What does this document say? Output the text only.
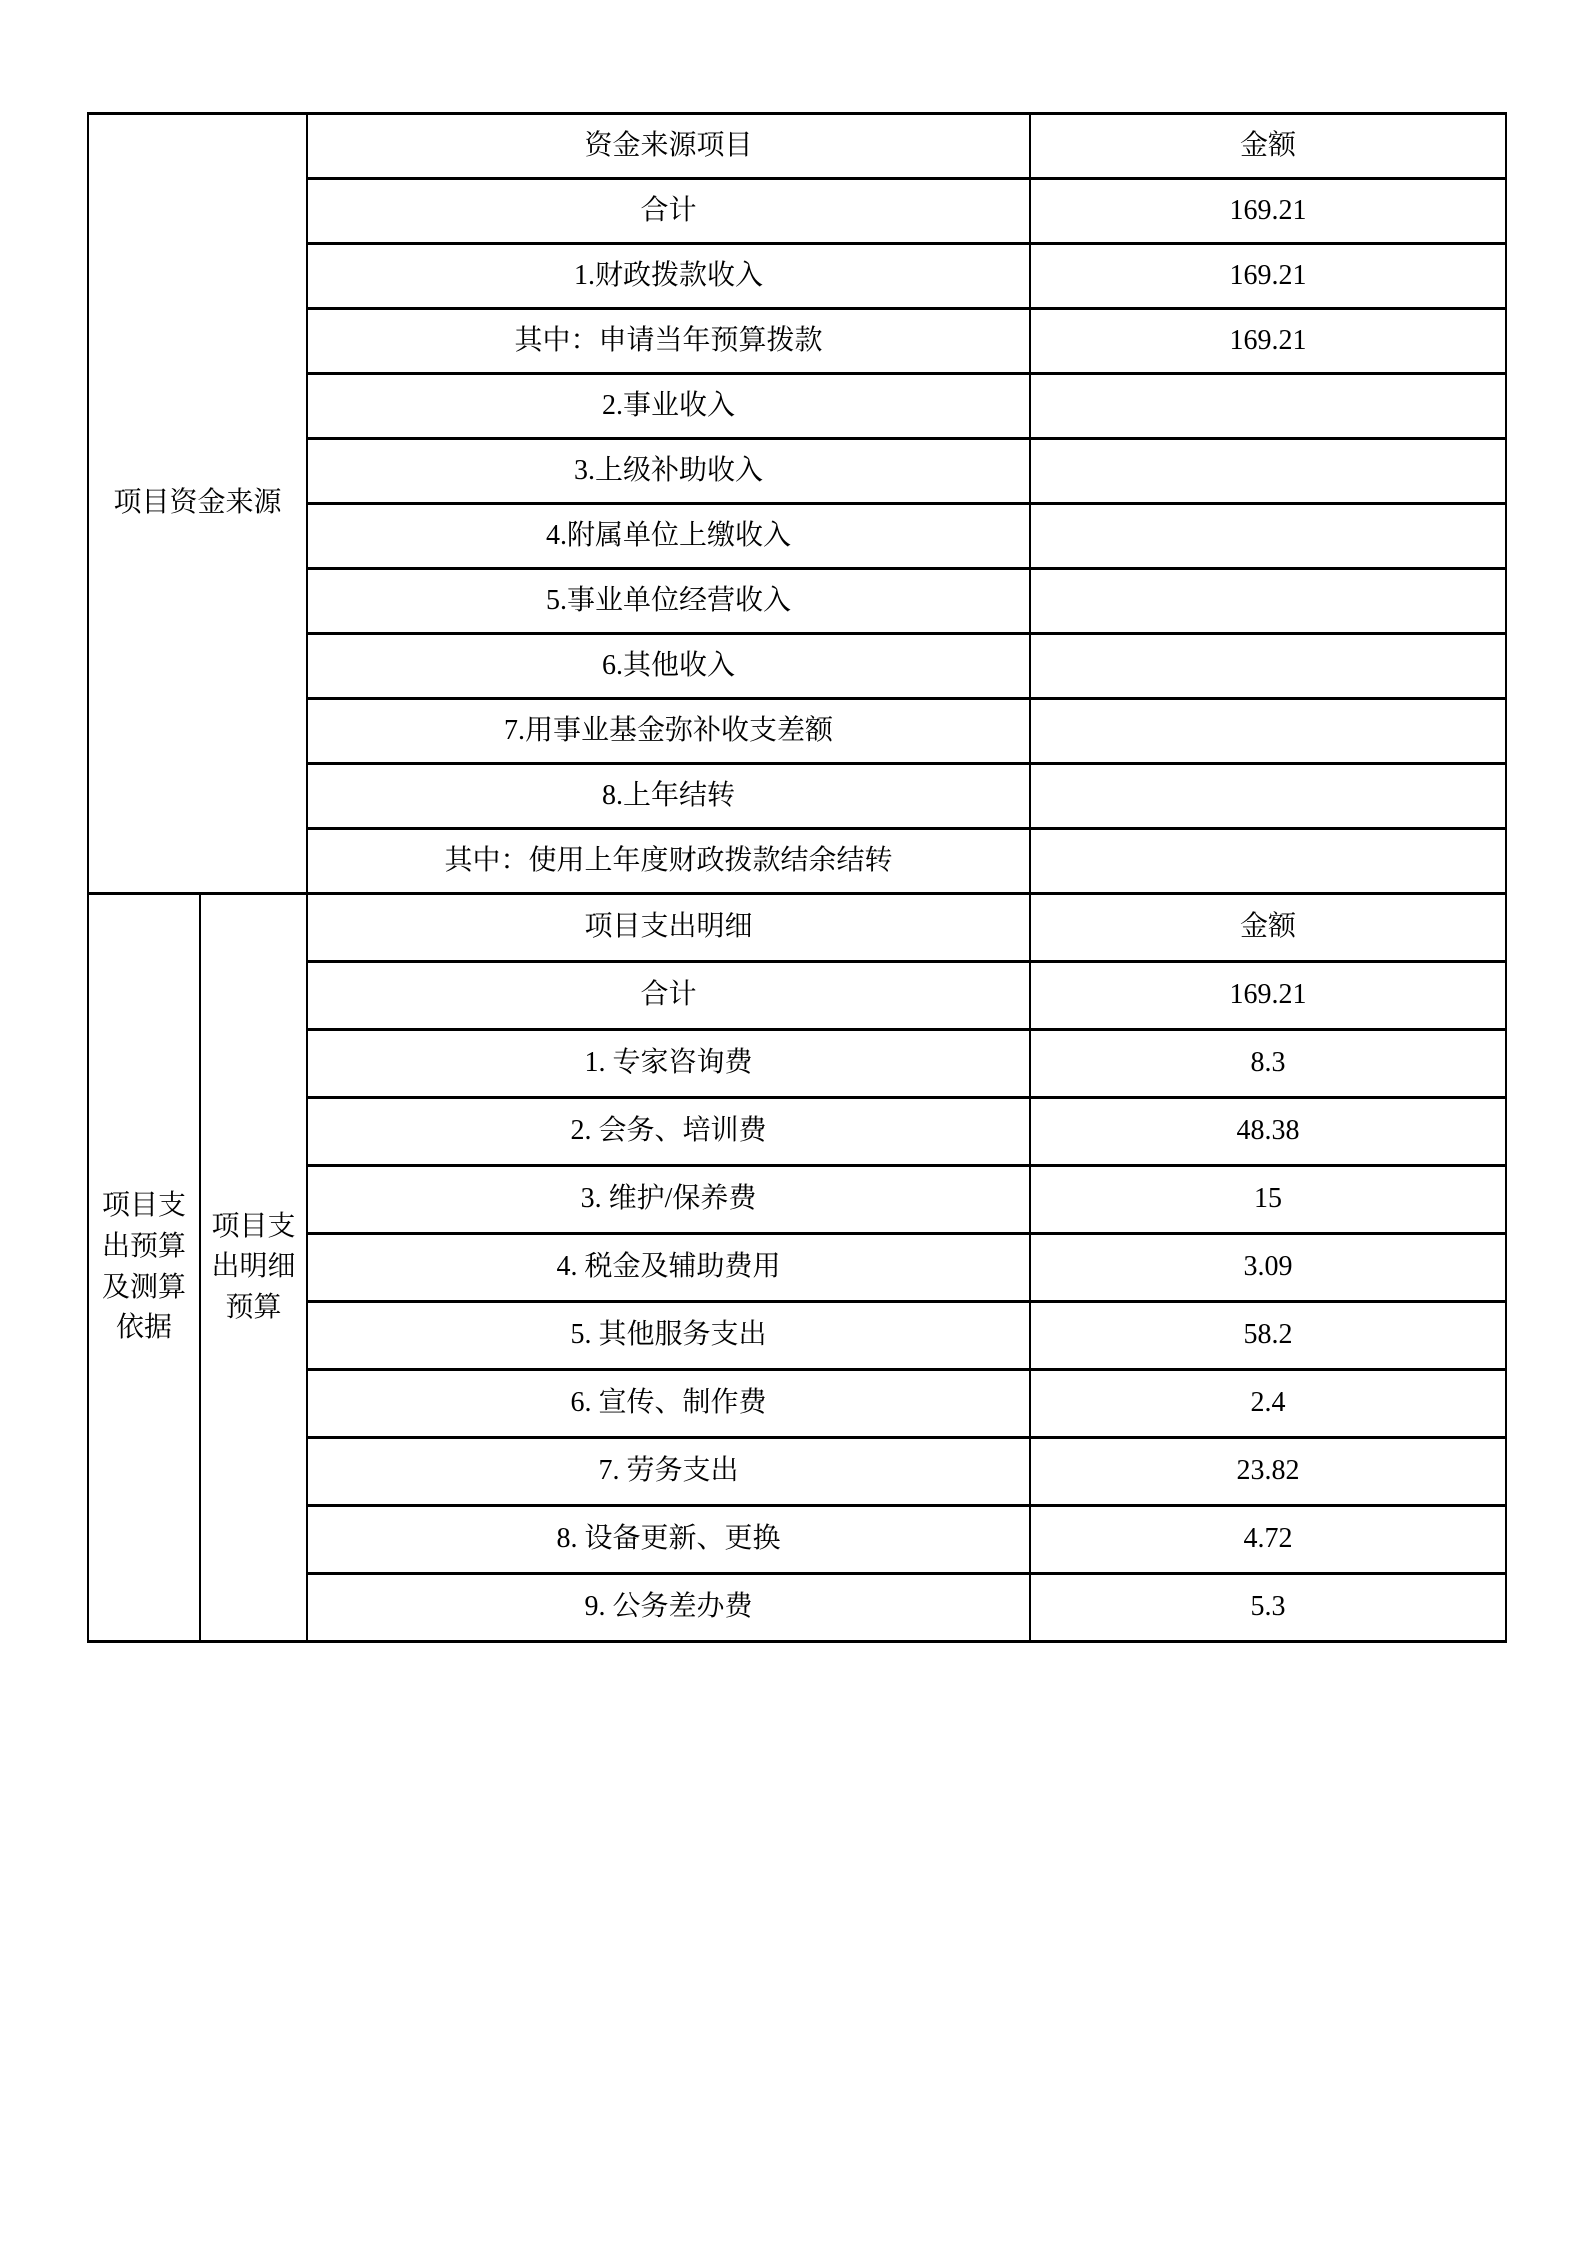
项目资金来源		资金来源项目	金额
		合计	169.21
		1.财政拨款收入	169.21
		其中：申请当年预算拨款	169.21
		2.事业收入	
		3.上级补助收入	
		4.附属单位上缴收入	
		5.事业单位经营收入	
		6.其他收入	
		7.用事业基金弥补收支差额	
		8.上年结转	
		其中：使用上年度财政拨款结余结转	
项目支出预算及测算依据	项目支出明细预算	项目支出明细	金额
		合计	169.21
		1. 专家咨询费	8.3
		2. 会务、培训费	48.38
		3. 维护/保养费	15
		4. 税金及辅助费用	3.09
		5. 其他服务支出	58.2
		6. 宣传、制作费	2.4
		7. 劳务支出	23.82
		8. 设备更新、更换	4.72
		9. 公务差办费	5.3
